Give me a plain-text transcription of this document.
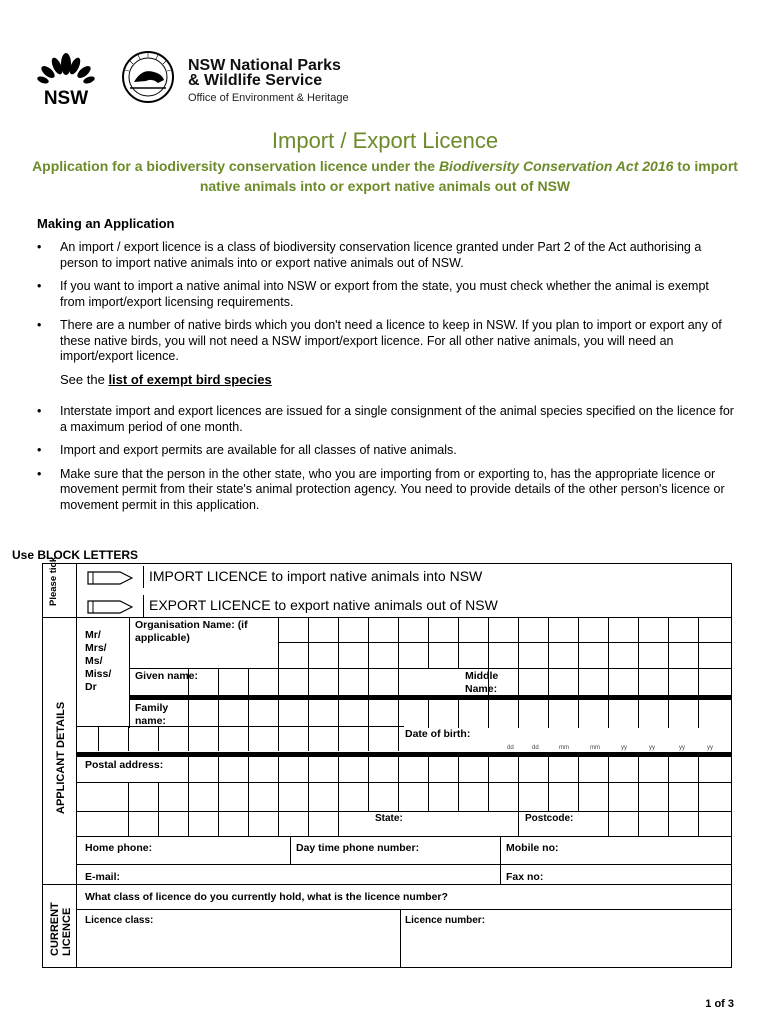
NSW
NSW National Parks
& Wildlife Service
Office of Environment & Heritage
Import / Export Licence
Application for a biodiversity conservation licence under the Biodiversity Conservation Act 2016 to import native animals into or export native animals out of NSW
Making an Application
• An import / export licence is a class of biodiversity conservation licence granted under Part 2 of the Act authorising a person to import native animals into or export native animals out of NSW.
• If you want to import a native animal into NSW or export from the state, you must check whether the animal is exempt from import/export licensing requirements.
• There are a number of native birds which you don't need a licence to keep in NSW. If you plan to import or export any of these native birds, you will not need a NSW import/export licence. For all other native animals, you will need an import/export licence.
See the list of exempt bird species
• Interstate import and export licences are issued for a single consignment of the animal species specified on the licence for a maximum period of one month.
• Import and export permits are available for all classes of native animals.
• Make sure that the person in the other state, who you are importing from or exporting to, has the appropriate licence or movement permit from their state's animal protection agency. You need to provide details of the other person's licence or movement permit in this application.
Use BLOCK LETTERS
Please tick	IMPORT LICENCE to import native animals into NSW
EXPORT LICENCE to export native animals out of NSW
APPLICANT DETAILS
Mr/ Mrs/ Ms/ Miss/ Dr
Organisation Name: (if applicable)
Given name:	Middle Name:
Family name:
Date of birth:
dd	dd	mm	mm	yy	yy	yy	yy
Postal address:
State:	Postcode:
Home phone:	Day time phone number:	Mobile no:
E-mail:	Fax no:
CURRENT LICENCE
What class of licence do you currently hold, what is the licence number?
Licence class:	Licence number:
1 of 3
